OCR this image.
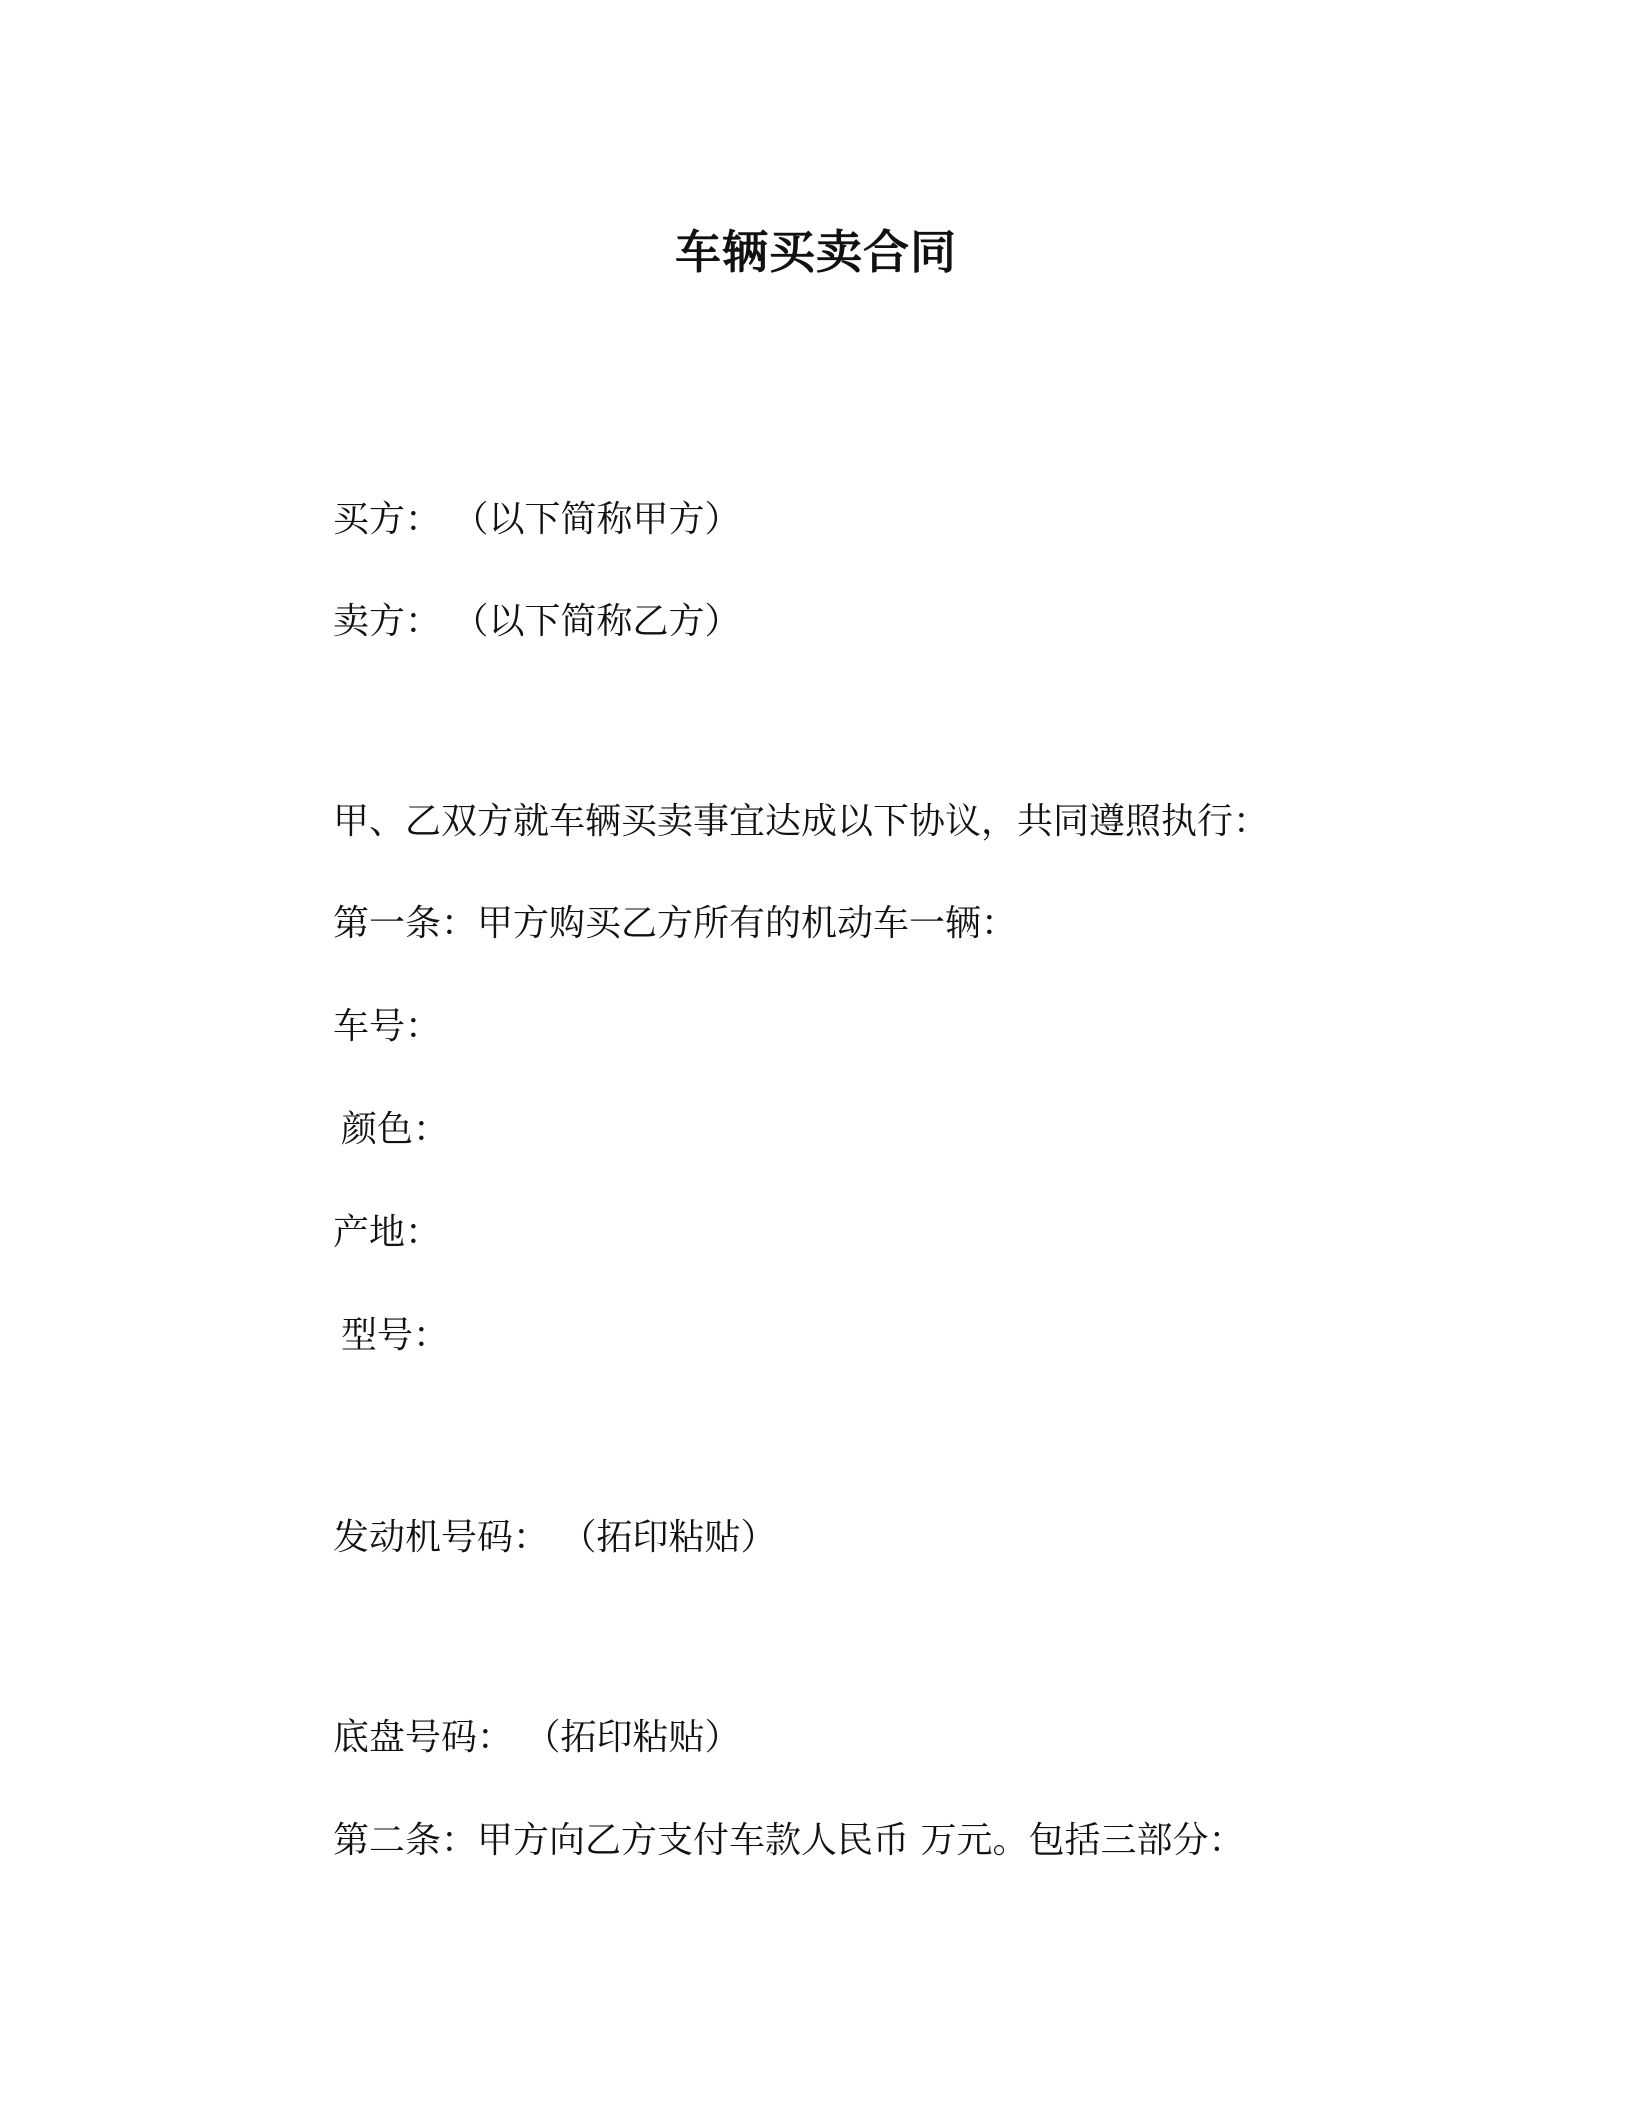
车辆买卖合同
买方： （以下简称甲方）
卖方： （以下简称乙方）
甲、乙双方就车辆买卖事宜达成以下协议，共同遵照执行：
第一条：甲方购买乙方所有的机动车一辆：
车号：
颜色：
产地：
型号：
发动机号码： （拓印粘贴）
底盘号码： （拓印粘贴）
第二条：甲方向乙方支付车款人民币 万元。包括三部分：
